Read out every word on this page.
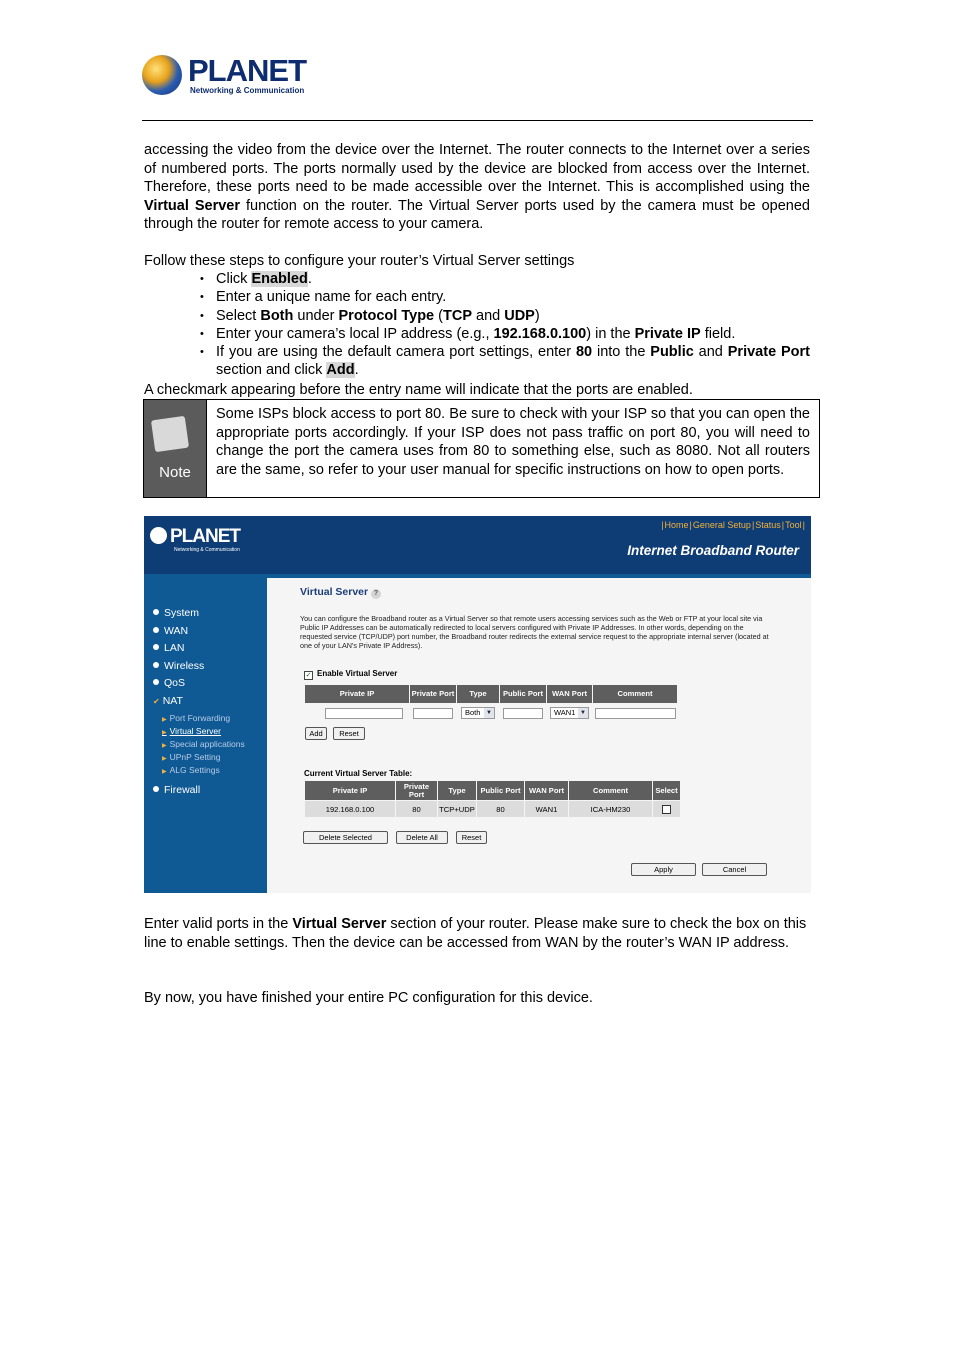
PLANET
Networking & Communication
accessing the video from the device over the Internet. The router connects to the Internet over a series of numbered ports. The ports normally used by the device are blocked from access over the Internet. Therefore, these ports need to be made accessible over the Internet. This is accomplished using the Virtual Server function on the router. The Virtual Server ports used by the camera must be opened through the router for remote access to your camera.
Follow these steps to configure your router’s Virtual Server settings
• Click Enabled.
• Enter a unique name for each entry.
• Select Both under Protocol Type (TCP and UDP)
• Enter your camera’s local IP address (e.g., 192.168.0.100) in the Private IP field.
• If you are using the default camera port settings, enter 80 into the Public and Private Port section and click Add.
A checkmark appearing before the entry name will indicate that the ports are enabled.
Note
Some ISPs block access to port 80. Be sure to check with your ISP so that you can open the appropriate ports accordingly. If your ISP does not pass traffic on port 80, you will need to change the port the camera uses from 80 to something else, such as 8080. Not all routers are the same, so refer to your user manual for specific instructions on how to open ports.
PLANET
Networking & Communication
|Home|General Setup|Status|Tool|
Internet Broadband Router
System
WAN
LAN
Wireless
QoS
✔ NAT
▶ Port Forwarding
▶ Virtual Server
▶ Special applications
▶ UPnP Setting
▶ ALG Settings
Firewall
Virtual Server ?
You can configure the Broadband router as a Virtual Server so that remote users accessing services such as the Web or FTP at your local site via Public IP Addresses can be automatically redirected to local servers configured with Private IP Addresses. In other words, depending on the requested service (TCP/UDP) port number, the Broadband router redirects the external service request to the appropriate internal server (located at one of your LAN's Private IP Address).
✓ Enable Virtual Server
Private IP	Private Port	Type	Public Port	WAN Port	Comment
		Both ▼		WAN1 ▼	

Add	Reset
Current Virtual Server Table:
Private IP	Private Port	Type	Public Port	WAN Port	Comment	Select
192.168.0.100	80	TCP+UDP	80	WAN1	ICA-HM230	
Delete Selected	Delete All	Reset
Apply	Cancel
Enter valid ports in the Virtual Server section of your router. Please make sure to check the box on this line to enable settings. Then the device can be accessed from WAN by the router’s WAN IP address.
By now, you have finished your entire PC configuration for this device.
